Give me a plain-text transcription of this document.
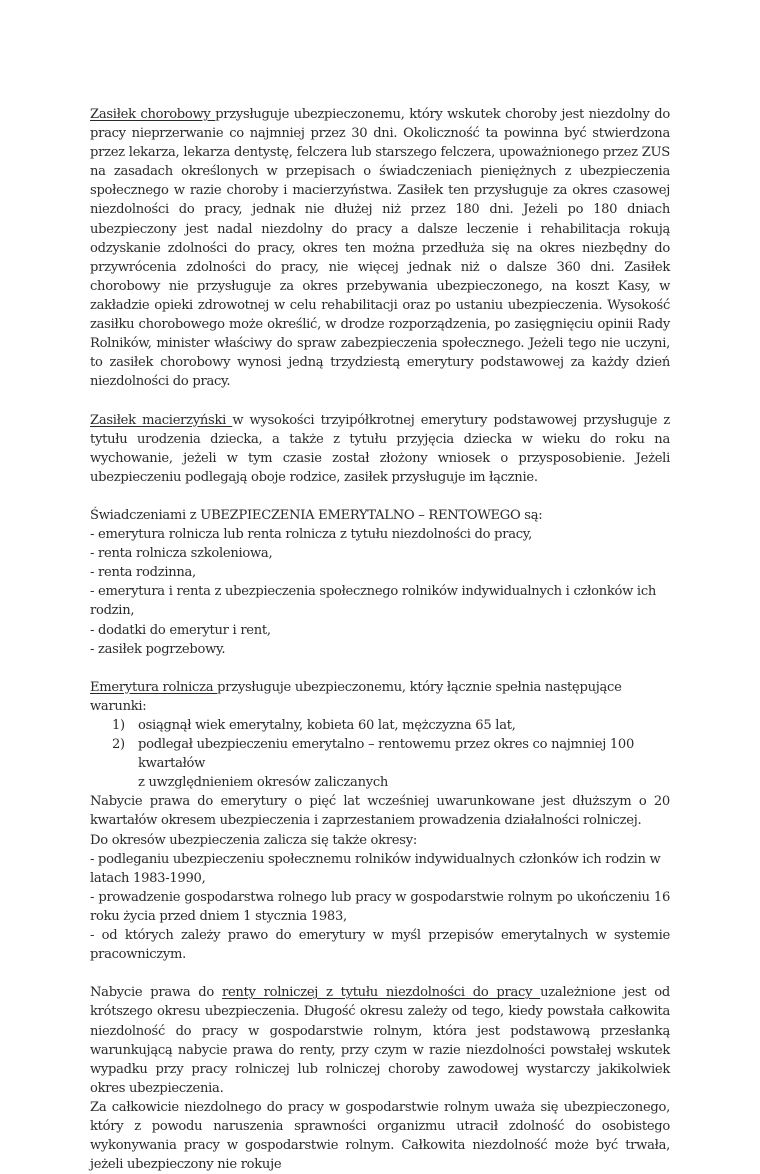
Zasiłek chorobowy przysługuje ubezpieczonemu, który wskutek choroby jest niezdolny do pracy nieprzerwanie co najmniej przez 30 dni. Okoliczność ta powinna być stwierdzona przez lekarza, lekarza dentystę, felczera lub starszego felczera, upoważnionego przez ZUS na zasadach określonych w przepisach o świadczeniach pieniężnych z ubezpieczenia społecznego w razie choroby i macierzyństwa. Zasiłek ten przysługuje za okres czasowej niezdolności do pracy, jednak nie dłużej niż przez 180 dni. Jeżeli po 180 dniach ubezpieczony jest nadal niezdolny do pracy a dalsze leczenie i rehabilitacja rokują odzyskanie zdolności do pracy, okres ten można przedłuża się na okres niezbędny do przywrócenia zdolności do pracy, nie więcej jednak niż o dalsze 360 dni. Zasiłek chorobowy nie przysługuje za okres przebywania ubezpieczonego, na koszt Kasy, w zakładzie opieki zdrowotnej w celu rehabilitacji oraz po ustaniu ubezpieczenia. Wysokość zasiłku chorobowego może określić, w drodze rozporządzenia, po zasięgnięciu opinii Rady Rolników, minister właściwy do spraw zabezpieczenia społecznego. Jeżeli tego nie uczyni, to zasiłek chorobowy wynosi jedną trzydziestą emerytury podstawowej za każdy dzień niezdolności do pracy.

Zasiłek macierzyński w wysokości trzyipółkrotnej emerytury podstawowej przysługuje z tytułu urodzenia dziecka, a także z tytułu przyjęcia dziecka w wieku do roku na wychowanie, jeżeli w tym czasie został złożony wniosek o przysposobienie. Jeżeli ubezpieczeniu podlegają oboje rodzice, zasiłek przysługuje im łącznie.

Świadczeniami z UBEZPIECZENIA EMERYTALNO – RENTOWEGO są:

- emerytura rolnicza lub renta rolnicza z tytułu niezdolności do pracy,

- renta rolnicza szkoleniowa,

- renta rodzinna,

- emerytura i renta z ubezpieczenia społecznego rolników indywidualnych i członków ich rodzin,

- dodatki do emerytur i rent,

- zasiłek pogrzebowy.

Emerytura rolnicza przysługuje ubezpieczonemu, który łącznie spełnia następujące warunki:

1) osiągnął wiek emerytalny, kobieta 60 lat, mężczyzna 65 lat,
2) podlegał ubezpieczeniu emerytalno – rentowemu przez okres co najmniej 100 kwartałów
z uwzględnieniem okresów zaliczanych

Nabycie prawa do emerytury o pięć lat wcześniej uwarunkowane jest dłuższym o 20 kwartałów okresem ubezpieczenia i zaprzestaniem prowadzenia działalności rolniczej.

Do okresów ubezpieczenia zalicza się także okresy:

- podleganiu ubezpieczeniu społecznemu rolników indywidualnych członków ich rodzin w latach 1983-1990,

- prowadzenie gospodarstwa rolnego lub pracy w gospodarstwie rolnym po ukończeniu 16 roku życia przed dniem 1 stycznia 1983,

- od których zależy prawo do emerytury w myśl przepisów emerytalnych w systemie pracowniczym.

Nabycie prawa do renty rolniczej z tytułu niezdolności do pracy uzależnione jest od krótszego okresu ubezpieczenia. Długość okresu zależy od tego, kiedy powstała całkowita niezdolność do pracy w gospodarstwie rolnym, która jest podstawową przesłanką warunkującą nabycie prawa do renty, przy czym w razie niezdolności powstałej wskutek wypadku przy pracy rolniczej lub rolniczej choroby zawodowej wystarczy jakikolwiek okres ubezpieczenia.

Za całkowicie niezdolnego do pracy w gospodarstwie rolnym uważa się ubezpieczonego, który z powodu naruszenia sprawności organizmu utracił zdolność do osobistego wykonywania pracy w gospodarstwie rolnym. Całkowita niezdolność może być trwała, jeżeli ubezpieczony nie rokuje
